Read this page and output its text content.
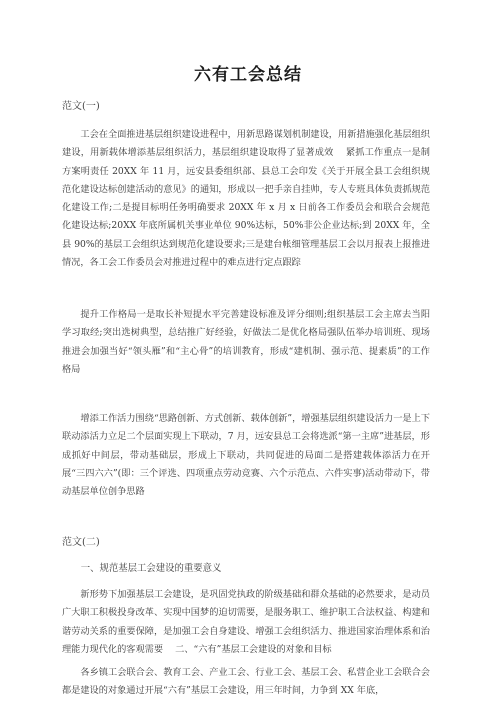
六有工会总结
范文(一)

工会在全面推进基层组织建设进程中，用新思路谋划机制建设，用新措施强化基层组织建设，用新载体增添基层组织活力，基层组织建设取得了显著成效　 紧抓工作重点一是制方案明责任 20XX 年 11 月，远安县委组织部、县总工会印发《关于开展全县工会组织规范化建设达标创建活动的意见》的通知，形成以一把手亲自挂帅，专人专班具体负责抓规范化建设工作;二是提目标明任务明确要求 20XX 年 x 月 x 日前各工作委员会和联合会规范化建设达标;20XX 年底所属机关事业单位 90%达标，50%非公企业达标;到 20XX 年，全县 90%的基层工会组织达到规范化建设要求;三是建台帐细管理基层工会以月报表上报推进情况，各工会工作委员会对推进过程中的难点进行定点跟踪

提升工作格局一是取长补短提水平完善建设标准及评分细则;组织基层工会主席去当阳学习取经;突出选树典型，总结推广好经验，好做法二是优化格局强队伍举办培训班、现场推进会加强当好“领头雁”和“主心骨”的培训教育，形成“建机制、强示范、提素质”的工作格局

增添工作活力围绕“思路创新、方式创新、载体创新”，增强基层组织建设活力一是上下联动添活力立足二个层面实现上下联动，7 月，远安县总工会将选派“第一主席”进基层，形成抓好中间层，带动基础层，形成上下联动，共同促进的局面二是搭建载体添活力在开展“三四六六”(即：三个评选、四项重点劳动竞赛、六个示范点、六件实事)活动带动下，带动基层单位创争思路

范文(二)
一、规范基层工会建设的重要意义

新形势下加强基层工会建设，是巩固党执政的阶级基础和群众基础的必然要求，是动员广大职工积极投身改革、实现中国梦的迫切需要，是服务职工、维护职工合法权益、构建和谐劳动关系的重要保障，是加强工会自身建设、增强工会组织活力、推进国家治理体系和治理能力现代化的客观需要　 二、“六有”基层工会建设的对象和目标

各乡镇工会联合会、教育工会、产业工会、行业工会、基层工会、私营企业工会联合会都是建设的对象通过开展“六有”基层工会建设，用三年时间，力争到 XX 年底，
